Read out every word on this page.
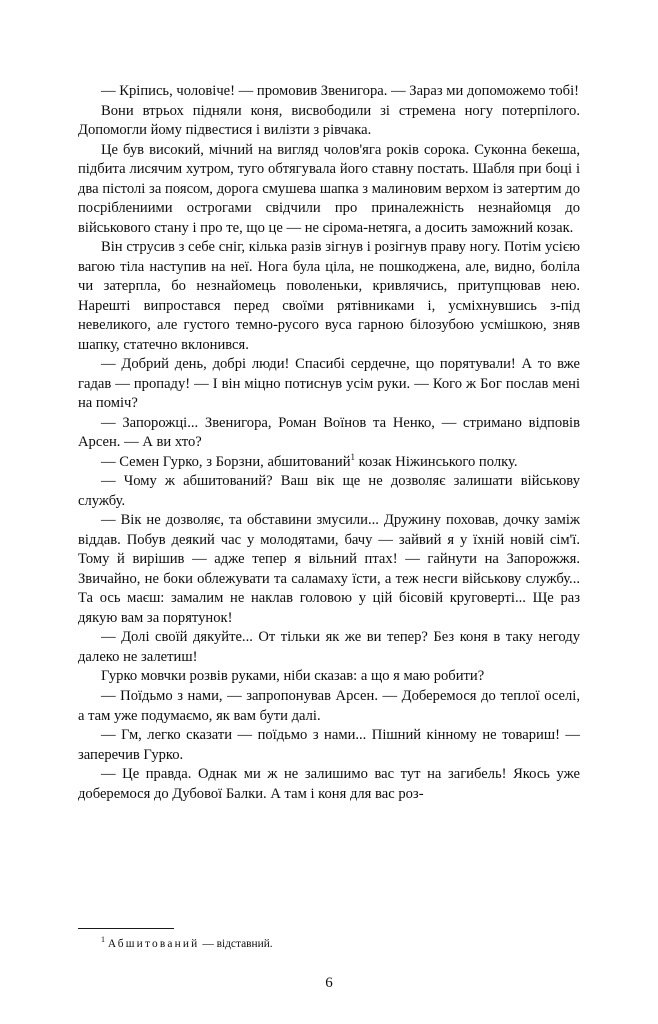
— Кріпись, чоловіче! — промовив Звенигора. — Зараз ми допоможемо тобі!

Вони втрьох підняли коня, висвободили зі стремена ногу потерпілого. Допомогли йому підвестися і вилізти з рівчака.

Це був високий, мічний на вигляд чолов'яга років сорока. Суконна бекеша, підбита лисячим хутром, туго обтягувала його ставну постать. Шабля при боці і два пістолі за поясом, дорога смушева шапка з малиновим верхом із затертим до посріблениими острогами свідчили про приналежність незнайомця до військового стану і про те, що це — не сірома-нетяга, а досить заможний козак.

Він струсив з себе сніг, кілька разів зігнув і розігнув праву ногу. Потім усією вагою тіла наступив на неї. Нога була ціла, не пошкоджена, але, видно, боліла чи затерпла, бо незнайомець поволеньки, кривлячись, притупцював нею. Нарешті випростався перед своїми рятівниками і, усміхнувшись з-під невеликого, але густого темно-русого вуса гарною білозубою усмішкою, зняв шапку, статечно вклонився.

— Добрий день, добрі люди! Спасибі сердечне, що порятували! А то вже гадав — пропаду! — І він міцно потиснув усім руки. — Кого ж Бог послав мені на поміч?

— Запорожці... Звенигора, Роман Воїнов та Ненко, — стримано відповів Арсен. — А ви хто?

— Семен Гурко, з Борзни, абшитований$^1$ козак Ніжинського полку.

— Чому ж абшитований? Ваш вік ще не дозволяє залишати військову службу.

— Вік не дозволяє, та обставини змусили... Дружину поховав, дочку заміж віддав. Побув деякий час у молодятами, бачу — зайвий я у їхній новій сім'ї. Тому й вирішив — адже тепер я вільний птах! — гайнути на Запорожжя. Звичайно, не боки облежувати та саламаху їсти, а теж несги військову службу... Та ось маєш: замалим не наклав головою у цій бісовій круговерті... Ще раз дякую вам за порятунок!

— Долі своїй дякуйте... От тільки як же ви тепер? Без коня в таку негоду далеко не залетиш!

Гурко мовчки розвів руками, ніби сказав: а що я маю робити?

— Поїдьмо з нами, — запропонував Арсен. — Доберемося до теплої оселі, а там уже подумаємо, як вам бути далі.

— Гм, легко сказати — поїдьмо з нами... Пішний кінному не товариш! — заперечив Гурко.

— Це правда. Однак ми ж не залишимо вас тут на загибель! Якось уже доберемося до Дубової Балки. А там і коня для вас роз-

$^1$ Абшитований — відставний.
6
